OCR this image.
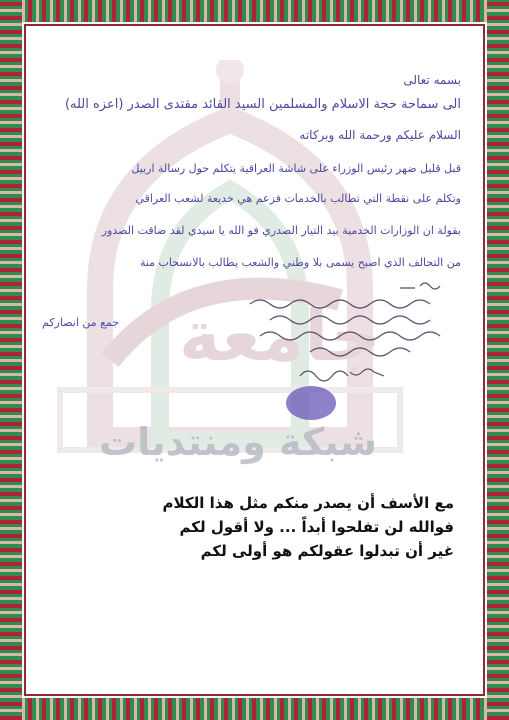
جامعة
شبكة ومنتديات
بسمه تعالى
الى سماحة حجة الاسلام والمسلمين السيد القائد مقتدى الصدر (اعزه الله)
السلام عليكم ورحمة الله وبركاته
قبل قليل ضهر رئيس الوزراء على شاشة العراقية يتكلم حول رسالة اربيل
وتكلم على نقطة التي تطالب بالخدمات فزعم هي خديعة لشعب العراقي
بقولة ان الوزارات الخدمية بيد التيار الصدري فو الله يا سيدي لقد ضاقت الصدور
من التحالف الذي اصبح يسمى بلا وطني والشعب يطالب بالانسحاب منة
جمع من انصاركم
مع الأسف أن يصدر منكم مثل هذا الكلام
فوالله لن تفلحوا أبداً ... ولا أقول لكم
غير أن تبدلوا عقولكم هو أولى لكم
